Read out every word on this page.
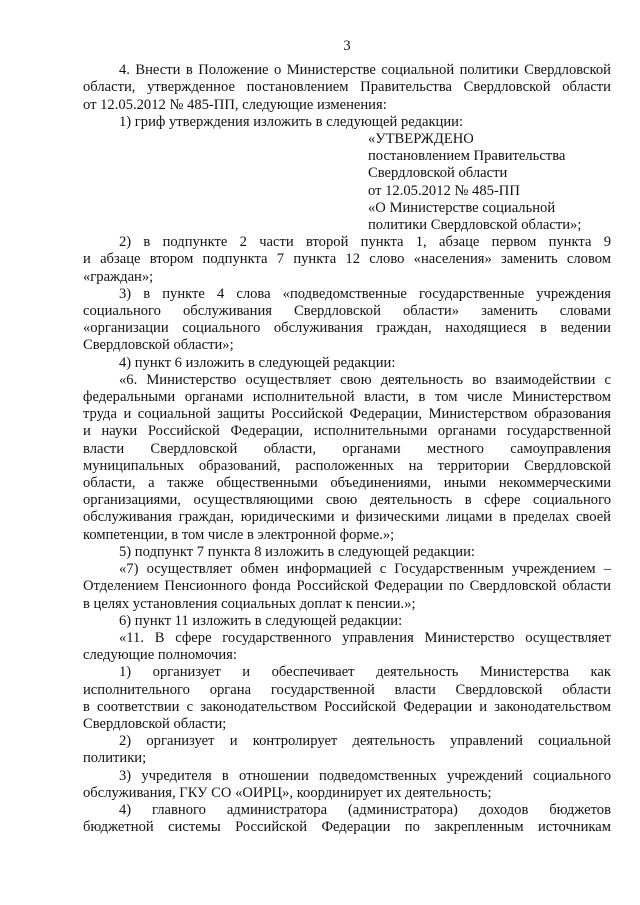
3
4. Внести в Положение о Министерстве социальной политики Свердловской
области, утвержденное постановлением Правительства Свердловской области
от 12.05.2012 № 485-ПП, следующие изменения:
1) гриф утверждения изложить в следующей редакции:
«УТВЕРЖДЕНО
постановлением Правительства
Свердловской области
от 12.05.2012 № 485-ПП
«О Министерстве социальной
политики Свердловской области»;
2) в подпункте 2 части второй пункта 1, абзаце первом пункта 9
и абзаце втором подпункта 7 пункта 12 слово «населения» заменить словом
«граждан»;
3) в пункте 4 слова «подведомственные государственные учреждения
социального обслуживания Свердловской области» заменить словами
«организации социального обслуживания граждан, находящиеся в ведении
Свердловской области»;
4) пункт 6 изложить в следующей редакции:
«6. Министерство осуществляет свою деятельность во взаимодействии с
федеральными органами исполнительной власти, в том числе Министерством
труда и социальной защиты Российской Федерации, Министерством образования
и науки Российской Федерации, исполнительными органами государственной
власти Свердловской области, органами местного самоуправления
муниципальных образований, расположенных на территории Свердловской
области, а также общественными объединениями, иными некоммерческими
организациями, осуществляющими свою деятельность в сфере социального
обслуживания граждан, юридическими и физическими лицами в пределах своей
компетенции, в том числе в электронной форме.»;
5) подпункт 7 пункта 8 изложить в следующей редакции:
«7) осуществляет обмен информацией с Государственным учреждением –
Отделением Пенсионного фонда Российской Федерации по Свердловской области
в целях установления социальных доплат к пенсии.»;
6) пункт 11 изложить в следующей редакции:
«11. В сфере государственного управления Министерство осуществляет
следующие полномочия:
1) организует и обеспечивает деятельность Министерства как
исполнительного органа государственной власти Свердловской области
в соответствии с законодательством Российской Федерации и законодательством
Свердловской области;
2) организует и контролирует деятельность управлений социальной
политики;
3) учредителя в отношении подведомственных учреждений социального
обслуживания, ГКУ СО «ОИРЦ», координирует их деятельность;
4) главного администратора (администратора) доходов бюджетов
бюджетной системы Российской Федерации по закрепленным источникам
